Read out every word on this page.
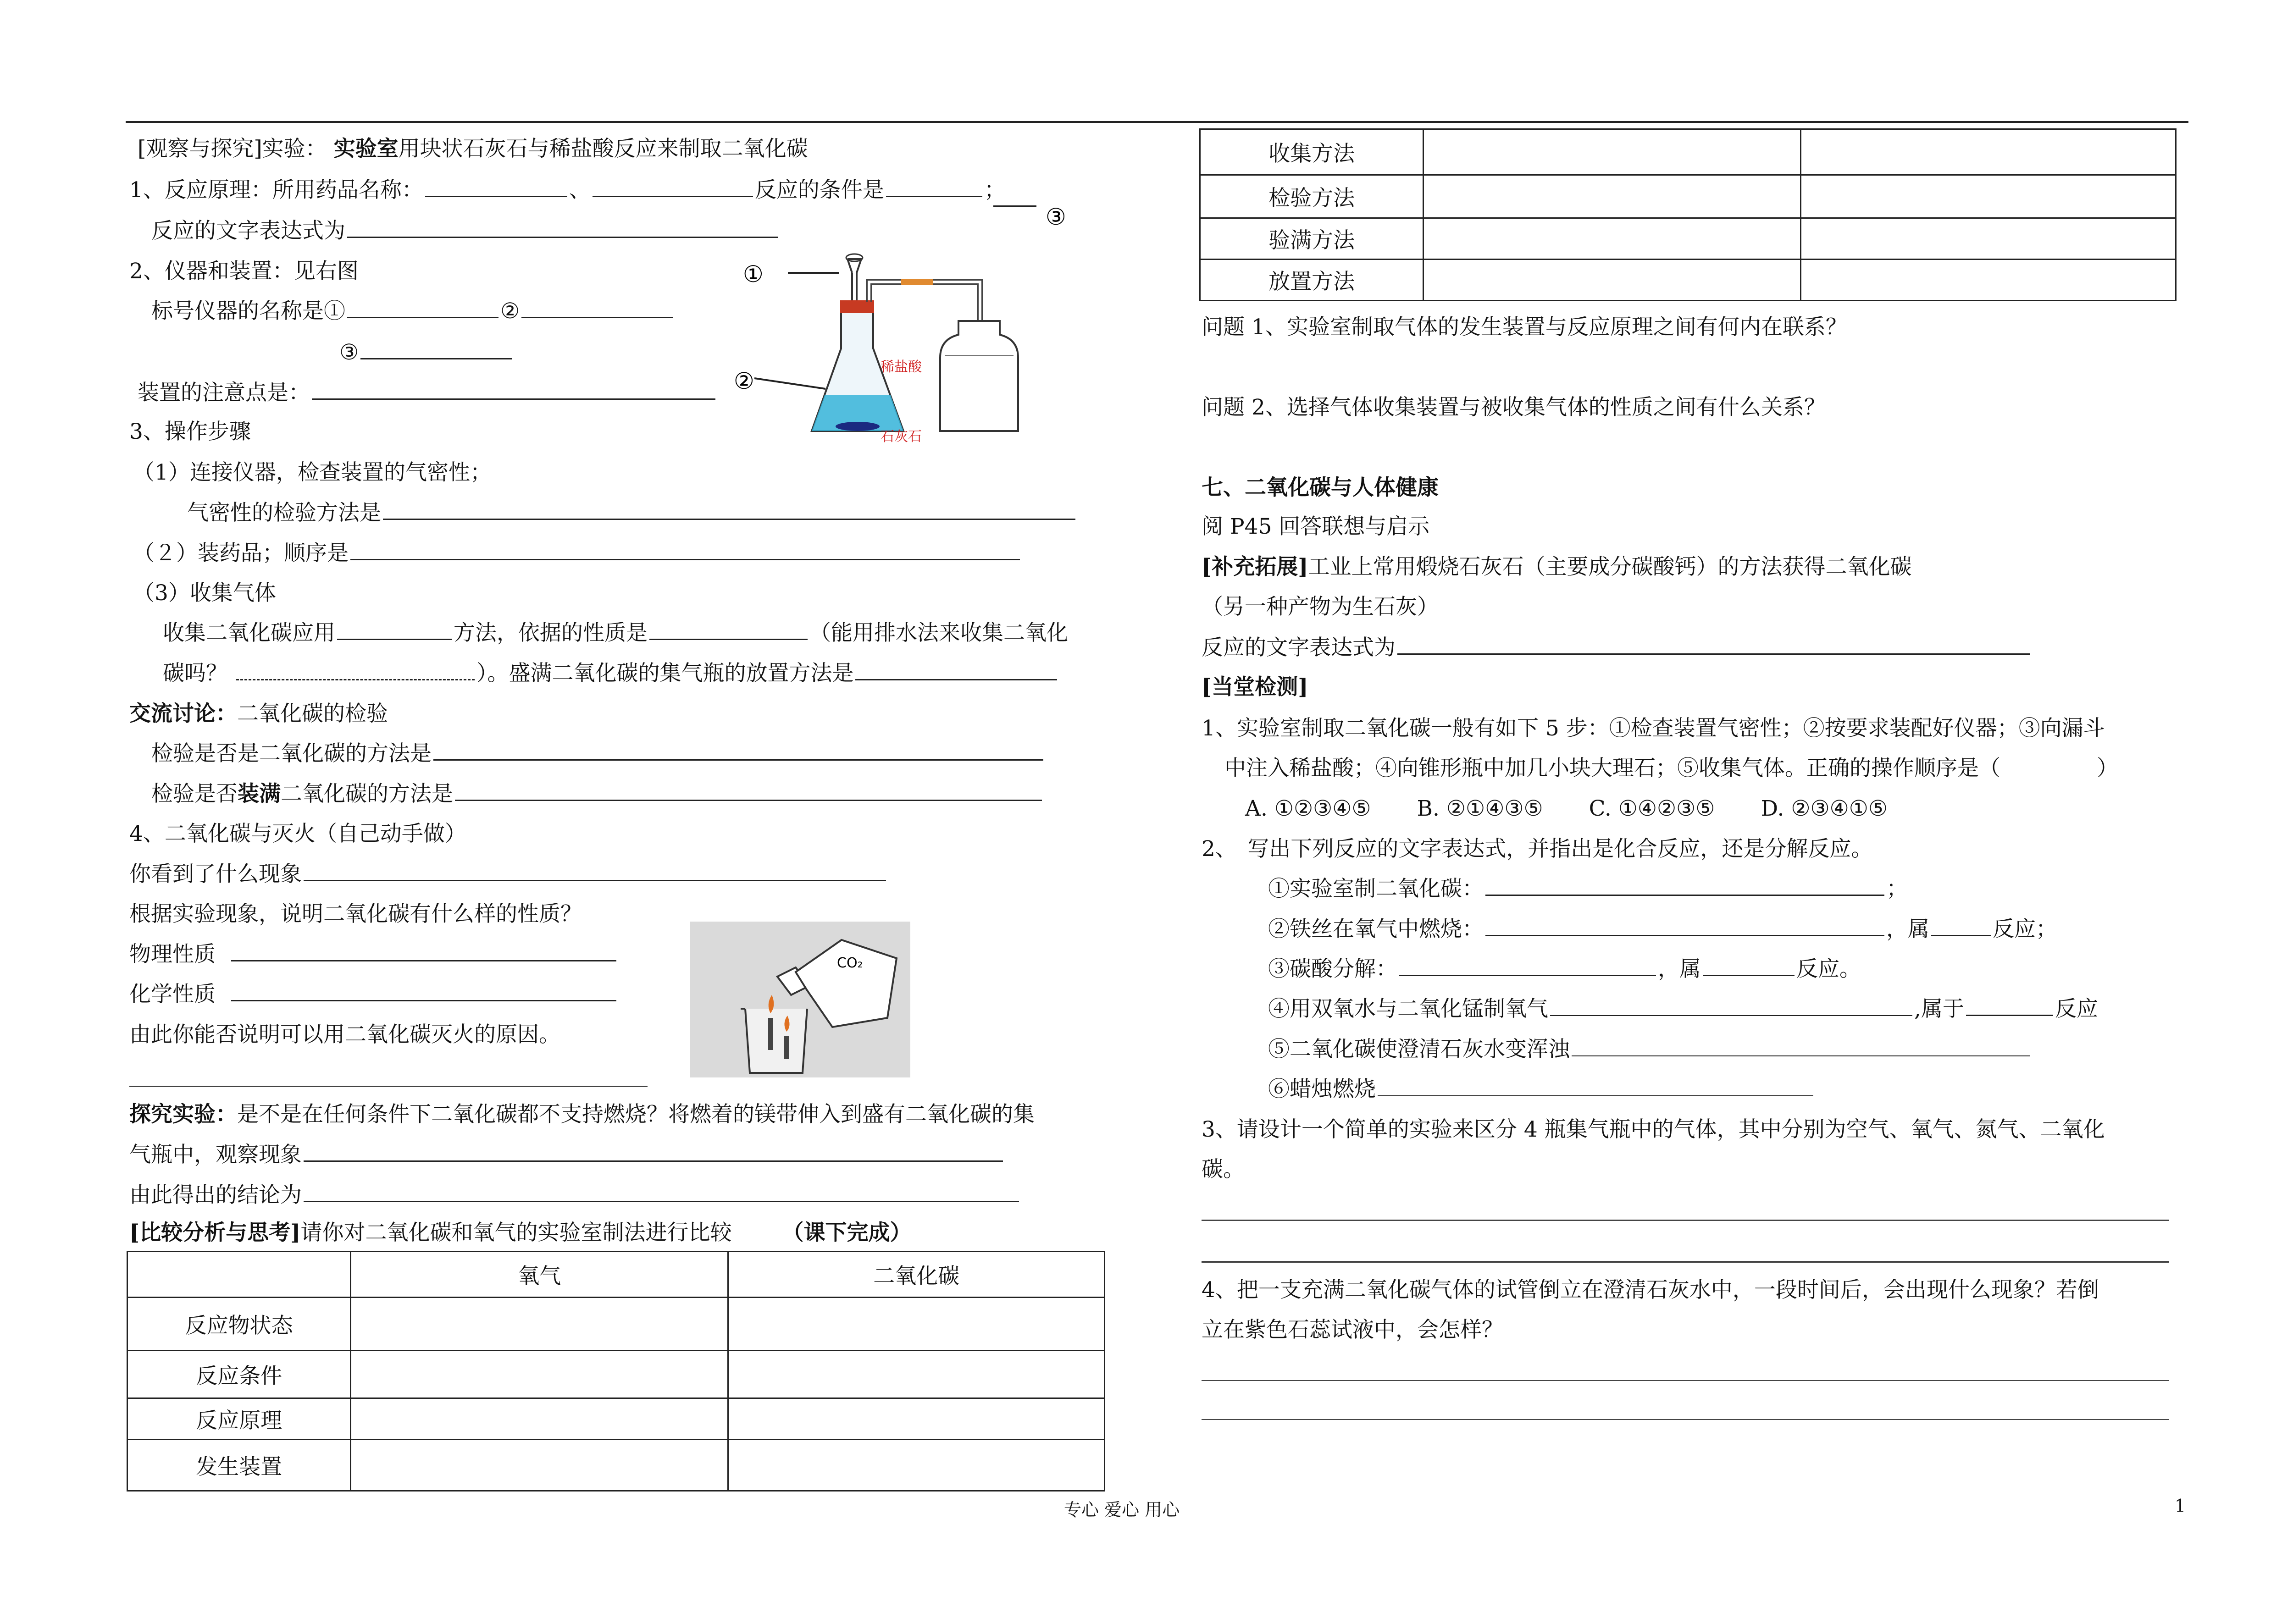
[观察与探究]实验： 实验室用块状石灰石与稀盐酸反应来制取二氧化碳
1、反应原理：所用药品名称：	、	反应的条件是	；
反应的文字表达式为
2、仪器和装置：见右图
标号仪器的名称是①	②
③
装置的注意点是：
3、操作步骤
（1）连接仪器，检查装置的气密性；
气密性的检验方法是
（２）装药品；顺序是
（3）收集气体
收集二氧化碳应用	方法，依据的性质是	（能用排水法来收集二氧化
碳吗？	）。盛满二氧化碳的集气瓶的放置方法是
交流讨论：二氧化碳的检验
检验是否是二氧化碳的方法是
检验是否装满二氧化碳的方法是
4、二氧化碳与灭火（自己动手做）
你看到了什么现象
根据实验现象，说明二氧化碳有什么样的性质？
物理性质
化学性质
由此你能否说明可以用二氧化碳灭火的原因。
探究实验：是不是在任何条件下二氧化碳都不支持燃烧？将燃着的镁带伸入到盛有二氧化碳的集
气瓶中，观察现象
由此得出的结论为
[比较分析与思考]请你对二氧化碳和氧气的实验室制法进行比较 （课下完成）
	氧气	二氧化碳
反应物状态		
反应条件		
反应原理		
发生装置		
①
③
稀盐酸
石灰石
②
CO₂
收集方法		
检验方法		
验满方法		
放置方法		
问题 1、实验室制取气体的发生装置与反应原理之间有何内在联系？
问题 2、选择气体收集装置与被收集气体的性质之间有什么关系？
七、二氧化碳与人体健康
阅 P45 回答联想与启示
[补充拓展]工业上常用煅烧石灰石（主要成分碳酸钙）的方法获得二氧化碳
（另一种产物为生石灰）
反应的文字表达式为
[当堂检测]
1、实验室制取二氧化碳一般有如下 5 步：①检查装置气密性；②按要求装配好仪器；③向漏斗
中注入稀盐酸；④向锥形瓶中加几小块大理石；⑤收集气体。正确的操作顺序是（	）
A. ①②③④⑤ B. ②①④③⑤ C. ①④②③⑤ D. ②③④①⑤
2、　写出下列反应的文字表达式，并指出是化合反应，还是分解反应。
①实验室制二氧化碳：	；
②铁丝在氧气中燃烧：	，属	反应；
③碳酸分解：	，属	反应。
④用双氧水与二氧化锰制氧气	,属于	反应
⑤二氧化碳使澄清石灰水变浑浊
⑥蜡烛燃烧
3、请设计一个简单的实验来区分 4 瓶集气瓶中的气体，其中分别为空气、氧气、氮气、二氧化
碳。
4、把一支充满二氧化碳气体的试管倒立在澄清石灰水中，一段时间后，会出现什么现象？若倒
立在紫色石蕊试液中，会怎样？
专心 爱心 用心	1
